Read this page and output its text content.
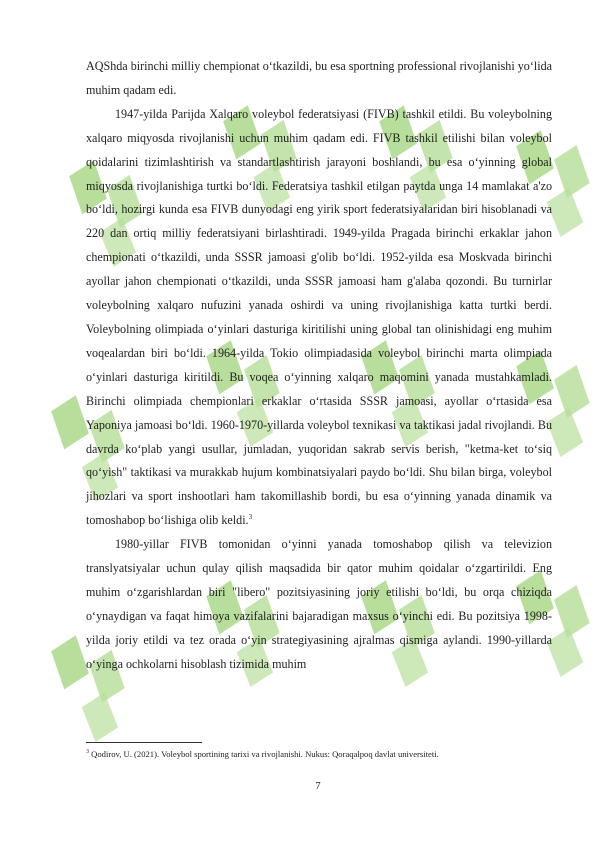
AQShda birinchi milliy chempionat o‘tkazildi, bu esa sportning professional rivojlanishi yo‘lida muhim qadam edi.

1947-yilda Parijda Xalqaro voleybol federatsiyasi (FIVB) tashkil etildi. Bu voleybolning xalqaro miqyosda rivojlanishi uchun muhim qadam edi. FIVB tashkil etilishi bilan voleybol qoidalarini tizimlashtirish va standartlashtirish jarayoni boshlandi, bu esa o‘yinning global miqyosda rivojlanishiga turtki bo‘ldi. Federatsiya tashkil etilgan paytda unga 14 mamlakat a'zo bo‘ldi, hozirgi kunda esa FIVB dunyodagi eng yirik sport federatsiyalaridan biri hisoblanadi va 220 dan ortiq milliy federatsiyani birlashtiradi. 1949-yilda Pragada birinchi erkaklar jahon chempionati o‘tkazildi, unda SSSR jamoasi g'olib bo‘ldi. 1952-yilda esa Moskvada birinchi ayollar jahon chempionati o‘tkazildi, unda SSSR jamoasi ham g'alaba qozondi. Bu turnirlar voleybolning xalqaro nufuzini yanada oshirdi va uning rivojlanishiga katta turtki berdi. Voleybolning olimpiada o‘yinlari dasturiga kiritilishi uning global tan olinishidagi eng muhim voqealardan biri bo‘ldi. 1964-yilda Tokio olimpiadasida voleybol birinchi marta olimpiada o‘yinlari dasturiga kiritildi. Bu voqea o‘yinning xalqaro maqomini yanada mustahkamladi. Birinchi olimpiada chempionlari erkaklar o‘rtasida SSSR jamoasi, ayollar o‘rtasida esa Yaponiya jamoasi bo‘ldi. 1960-1970-yillarda voleybol texnikasi va taktikasi jadal rivojlandi. Bu davrda ko‘plab yangi usullar, jumladan, yuqoridan sakrab servis berish, "ketma-ket to‘siq qo‘yish" taktikasi va murakkab hujum kombinatsiyalari paydo bo‘ldi. Shu bilan birga, voleybol jihozlari va sport inshootlari ham takomillashib bordi, bu esa o‘yinning yanada dinamik va tomoshabop bo‘lishiga olib keldi.$^3$

1980-yillar FIVB tomonidan o‘yinni yanada tomoshabop qilish va televizion translyatsiyalar uchun qulay qilish maqsadida bir qator muhim qoidalar o‘zgartirildi. Eng muhim o‘zgarishlardan biri "libero" pozitsiyasining joriy etilishi bo‘ldi, bu orqa chiziqda o‘ynaydigan va faqat himoya vazifalarini bajaradigan maxsus o‘yinchi edi. Bu pozitsiya 1998-yilda joriy etildi va tez orada o‘yin strategiyasining ajralmas qismiga aylandi. 1990-yillarda o‘yinga ochkolarni hisoblash tizimida muhim

$^3$ Qodirov, U. (2021). Voleybol sportining tarixi va rivojlanishi. Nukus: Qoraqalpoq davlat universiteti.
7
